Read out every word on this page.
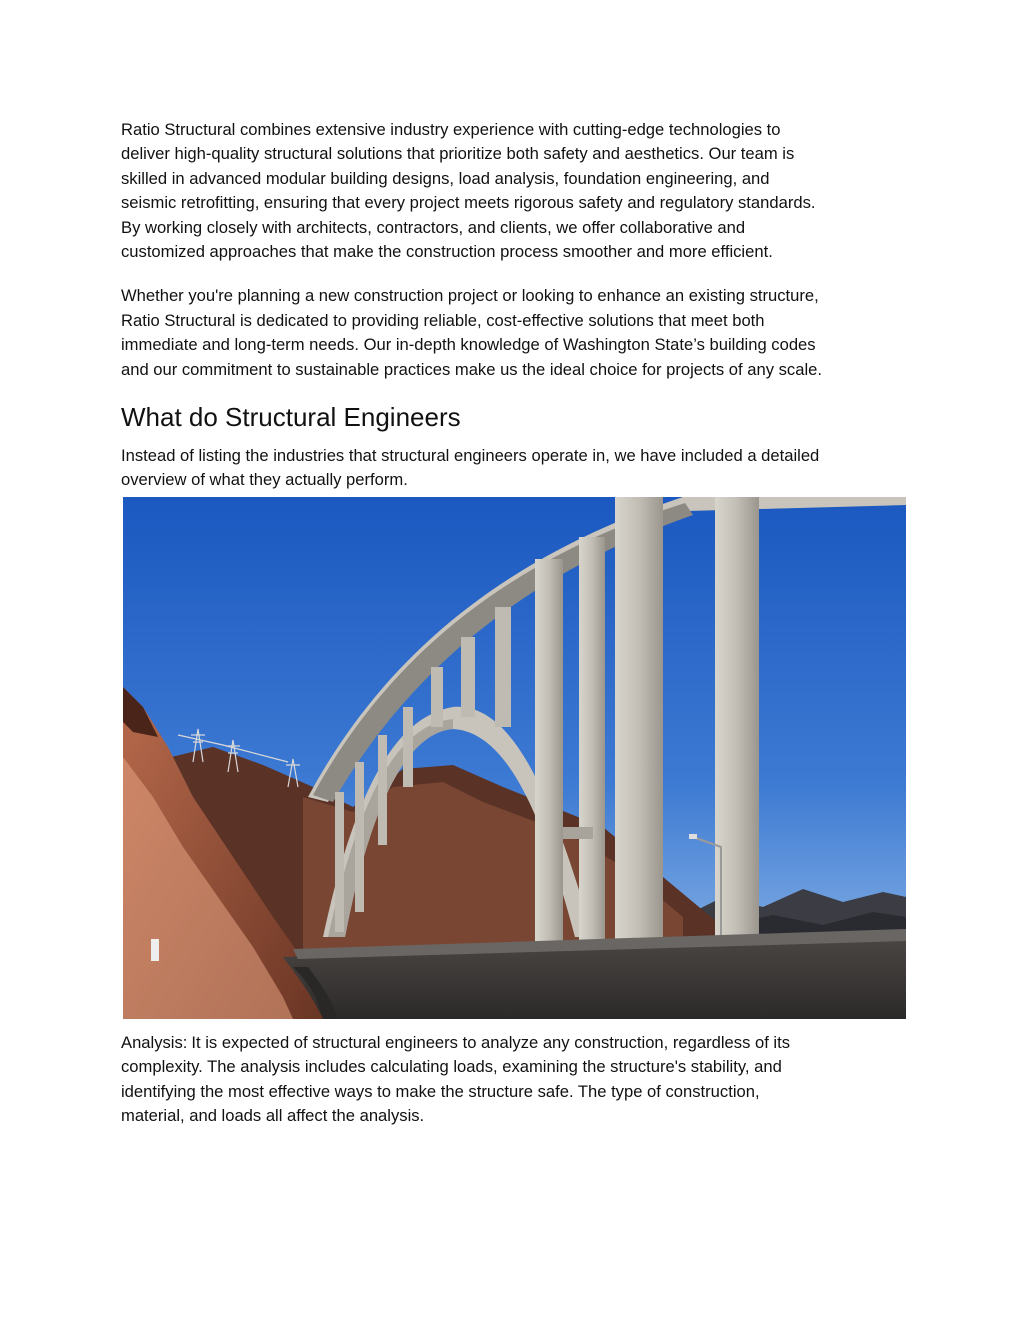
Ratio Structural combines extensive industry experience with cutting-edge technologies to
deliver high-quality structural solutions that prioritize both safety and aesthetics. Our team is
skilled in advanced modular building designs, load analysis, foundation engineering, and
seismic retrofitting, ensuring that every project meets rigorous safety and regulatory standards.
By working closely with architects, contractors, and clients, we offer collaborative and
customized approaches that make the construction process smoother and more efficient.

Whether you're planning a new construction project or looking to enhance an existing structure,
Ratio Structural is dedicated to providing reliable, cost-effective solutions that meet both
immediate and long-term needs. Our in-depth knowledge of Washington State’s building codes
and our commitment to sustainable practices make us the ideal choice for projects of any scale.

What do Structural Engineers

Instead of listing the industries that structural engineers operate in, we have included a detailed
overview of what they actually perform.

Analysis: It is expected of structural engineers to analyze any construction, regardless of its
complexity. The analysis includes calculating loads, examining the structure's stability, and
identifying the most effective ways to make the structure safe. The type of construction,
material, and loads all affect the analysis.
